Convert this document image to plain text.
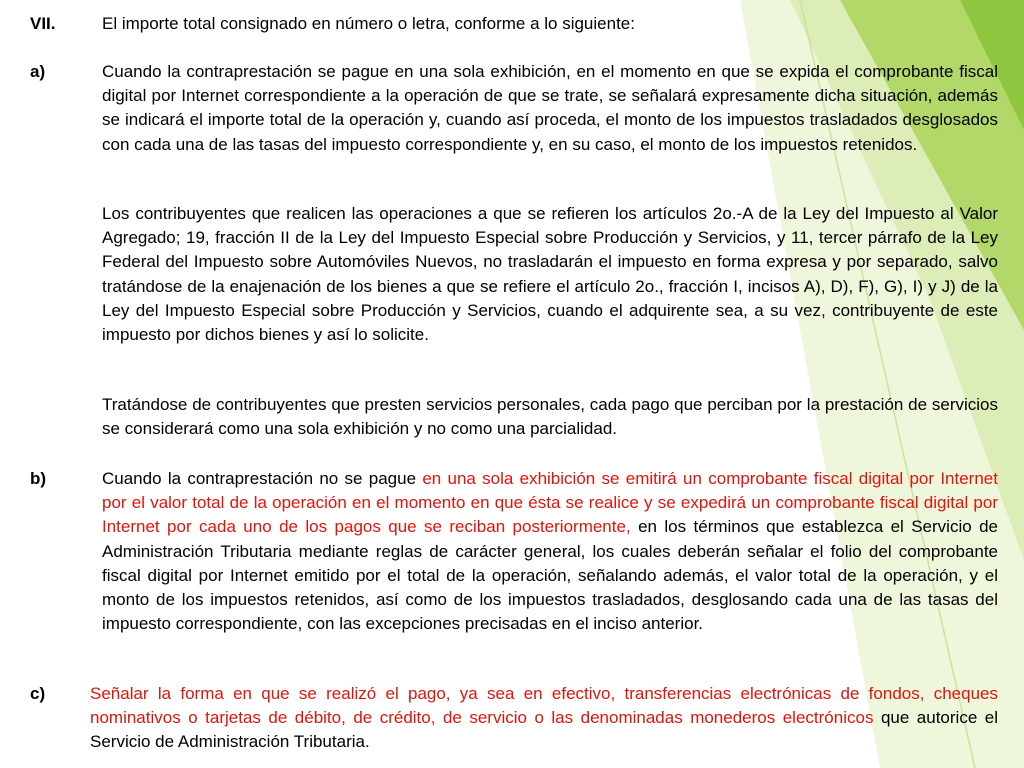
VII.	El importe total consignado en número o letra, conforme a lo siguiente:
a)	Cuando la contraprestación se pague en una sola exhibición, en el momento en que se expida el comprobante fiscal digital por Internet correspondiente a la operación de que se trate, se señalará expresamente dicha situación, además se indicará el importe total de la operación y, cuando así proceda, el monto de los impuestos trasladados desglosados con cada una de las tasas del impuesto correspondiente y, en su caso, el monto de los impuestos retenidos.
Los contribuyentes que realicen las operaciones a que se refieren los artículos 2o.-A de la Ley del Impuesto al Valor Agregado; 19, fracción II de la Ley del Impuesto Especial sobre Producción y Servicios, y 11, tercer párrafo de la Ley Federal del Impuesto sobre Automóviles Nuevos, no trasladarán el impuesto en forma expresa y por separado, salvo tratándose de la enajenación de los bienes a que se refiere el artículo 2o., fracción I, incisos A), D), F), G), I) y J) de la Ley del Impuesto Especial sobre Producción y Servicios, cuando el adquirente sea, a su vez, contribuyente de este impuesto por dichos bienes y así lo solicite.
Tratándose de contribuyentes que presten servicios personales, cada pago que perciban por la prestación de servicios se considerará como una sola exhibición y no como una parcialidad.
b)	Cuando la contraprestación no se pague en una sola exhibición se emitirá un comprobante fiscal digital por Internet por el valor total de la operación en el momento en que ésta se realice y se expedirá un comprobante fiscal digital por Internet por cada uno de los pagos que se reciban posteriormente, en los términos que establezca el Servicio de Administración Tributaria mediante reglas de carácter general, los cuales deberán señalar el folio del comprobante fiscal digital por Internet emitido por el total de la operación, señalando además, el valor total de la operación, y el monto de los impuestos retenidos, así como de los impuestos trasladados, desglosando cada una de las tasas del impuesto correspondiente, con las excepciones precisadas en el inciso anterior.
c)	Señalar la forma en que se realizó el pago, ya sea en efectivo, transferencias electrónicas de fondos, cheques nominativos o tarjetas de débito, de crédito, de servicio o las denominadas monederos electrónicos que autorice el Servicio de Administración Tributaria.
